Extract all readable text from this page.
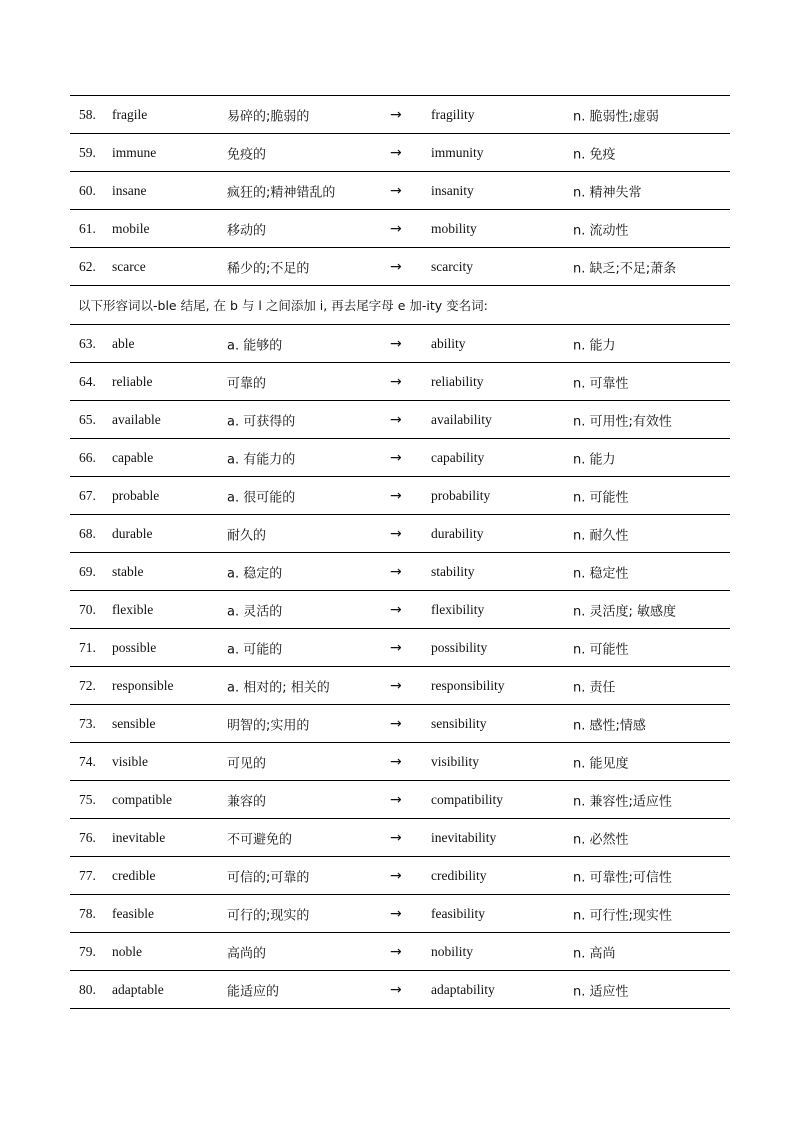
58. fragile	易碎的;脆弱的	→ fragility	n. 脆弱性;虚弱
59. immune	免疫的	→ immunity	n. 免疫
60. insane	疯狂的;精神错乱的	→ insanity	n. 精神失常
61. mobile	移动的	→ mobility	n. 流动性
62. scarce	稀少的;不足的	→ scarcity	n. 缺乏;不足;萧条
以下形容词以-ble 结尾, 在 b 与 l 之间添加 i, 再去尾字母 e 加-ity 变名词:
63. able	a. 能够的	→ ability	n. 能力
64. reliable	可靠的	→ reliability	n. 可靠性
65. available	a. 可获得的	→ availability	n. 可用性;有效性
66. capable	a. 有能力的	→ capability	n. 能力
67. probable	a. 很可能的	→ probability	n. 可能性
68. durable	耐久的	→ durability	n. 耐久性
69. stable	a. 稳定的	→ stability	n. 稳定性
70. flexible	a. 灵活的	→ flexibility	n. 灵活度; 敏感度
71. possible	a. 可能的	→ possibility	n. 可能性
72. responsible	a. 相对的; 相关的	→ responsibility	n. 责任
73. sensible	明智的;实用的	→ sensibility	n. 感性;情感
74. visible	可见的	→ visibility	n. 能见度
75. compatible	兼容的	→ compatibility	n. 兼容性;适应性
76. inevitable	不可避免的	→ inevitability	n. 必然性
77. credible	可信的;可靠的	→ credibility	n. 可靠性;可信性
78. feasible	可行的;现实的	→ feasibility	n. 可行性;现实性
79. noble	高尚的	→ nobility	n. 高尚
80. adaptable	能适应的	→ adaptability	n. 适应性
